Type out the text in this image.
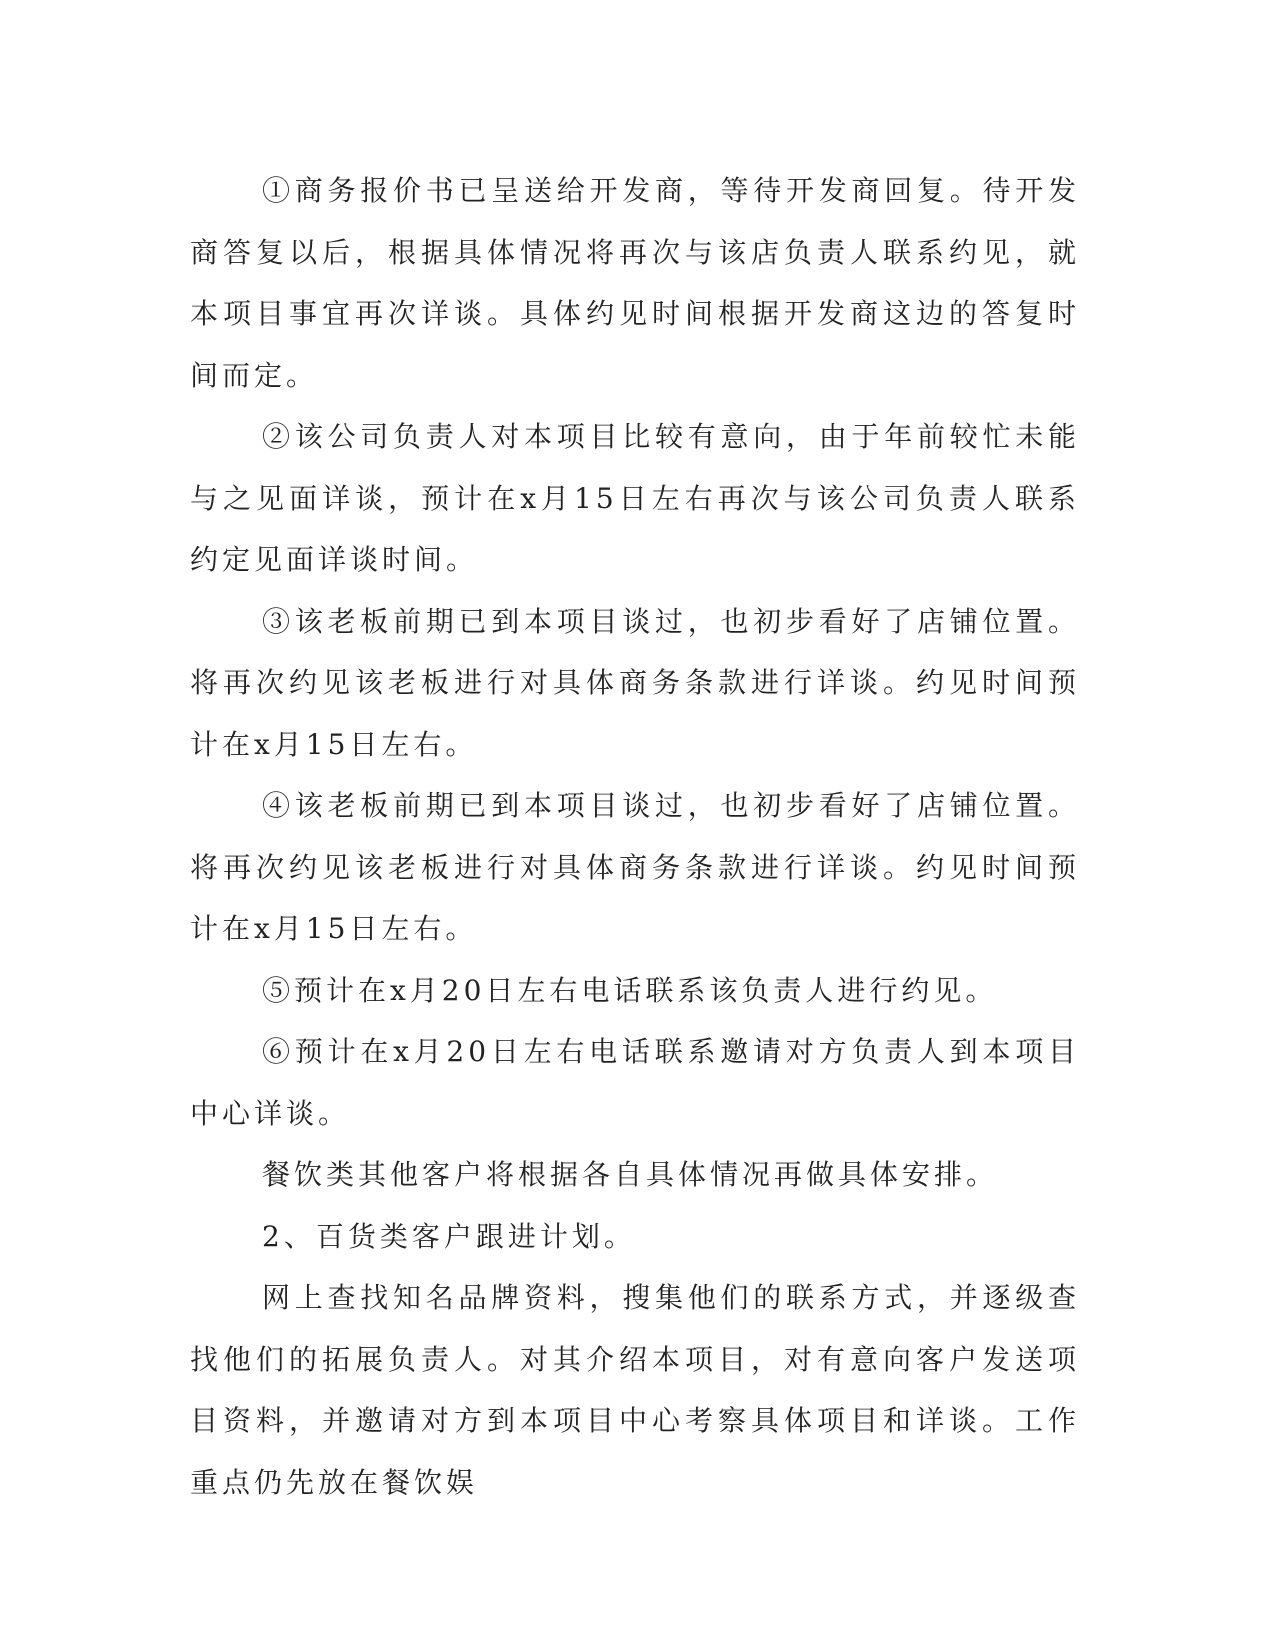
①商务报价书已呈送给开发商，等待开发商回复。待开发商答复以后，根据具体情况将再次与该店负责人联系约见，就本项目事宜再次详谈。具体约见时间根据开发商这边的答复时间而定。

②该公司负责人对本项目比较有意向，由于年前较忙未能与之见面详谈，预计在x月15日左右再次与该公司负责人联系约定见面详谈时间。

③该老板前期已到本项目谈过，也初步看好了店铺位置。将再次约见该老板进行对具体商务条款进行详谈。约见时间预计在x月15日左右。

④该老板前期已到本项目谈过，也初步看好了店铺位置。将再次约见该老板进行对具体商务条款进行详谈。约见时间预计在x月15日左右。

⑤预计在x月20日左右电话联系该负责人进行约见。

⑥预计在x月20日左右电话联系邀请对方负责人到本项目中心详谈。

餐饮类其他客户将根据各自具体情况再做具体安排。

2、百货类客户跟进计划。

网上查找知名品牌资料，搜集他们的联系方式，并逐级查找他们的拓展负责人。对其介绍本项目，对有意向客户发送项目资料，并邀请对方到本项目中心考察具体项目和详谈。工作重点仍先放在餐饮娱
